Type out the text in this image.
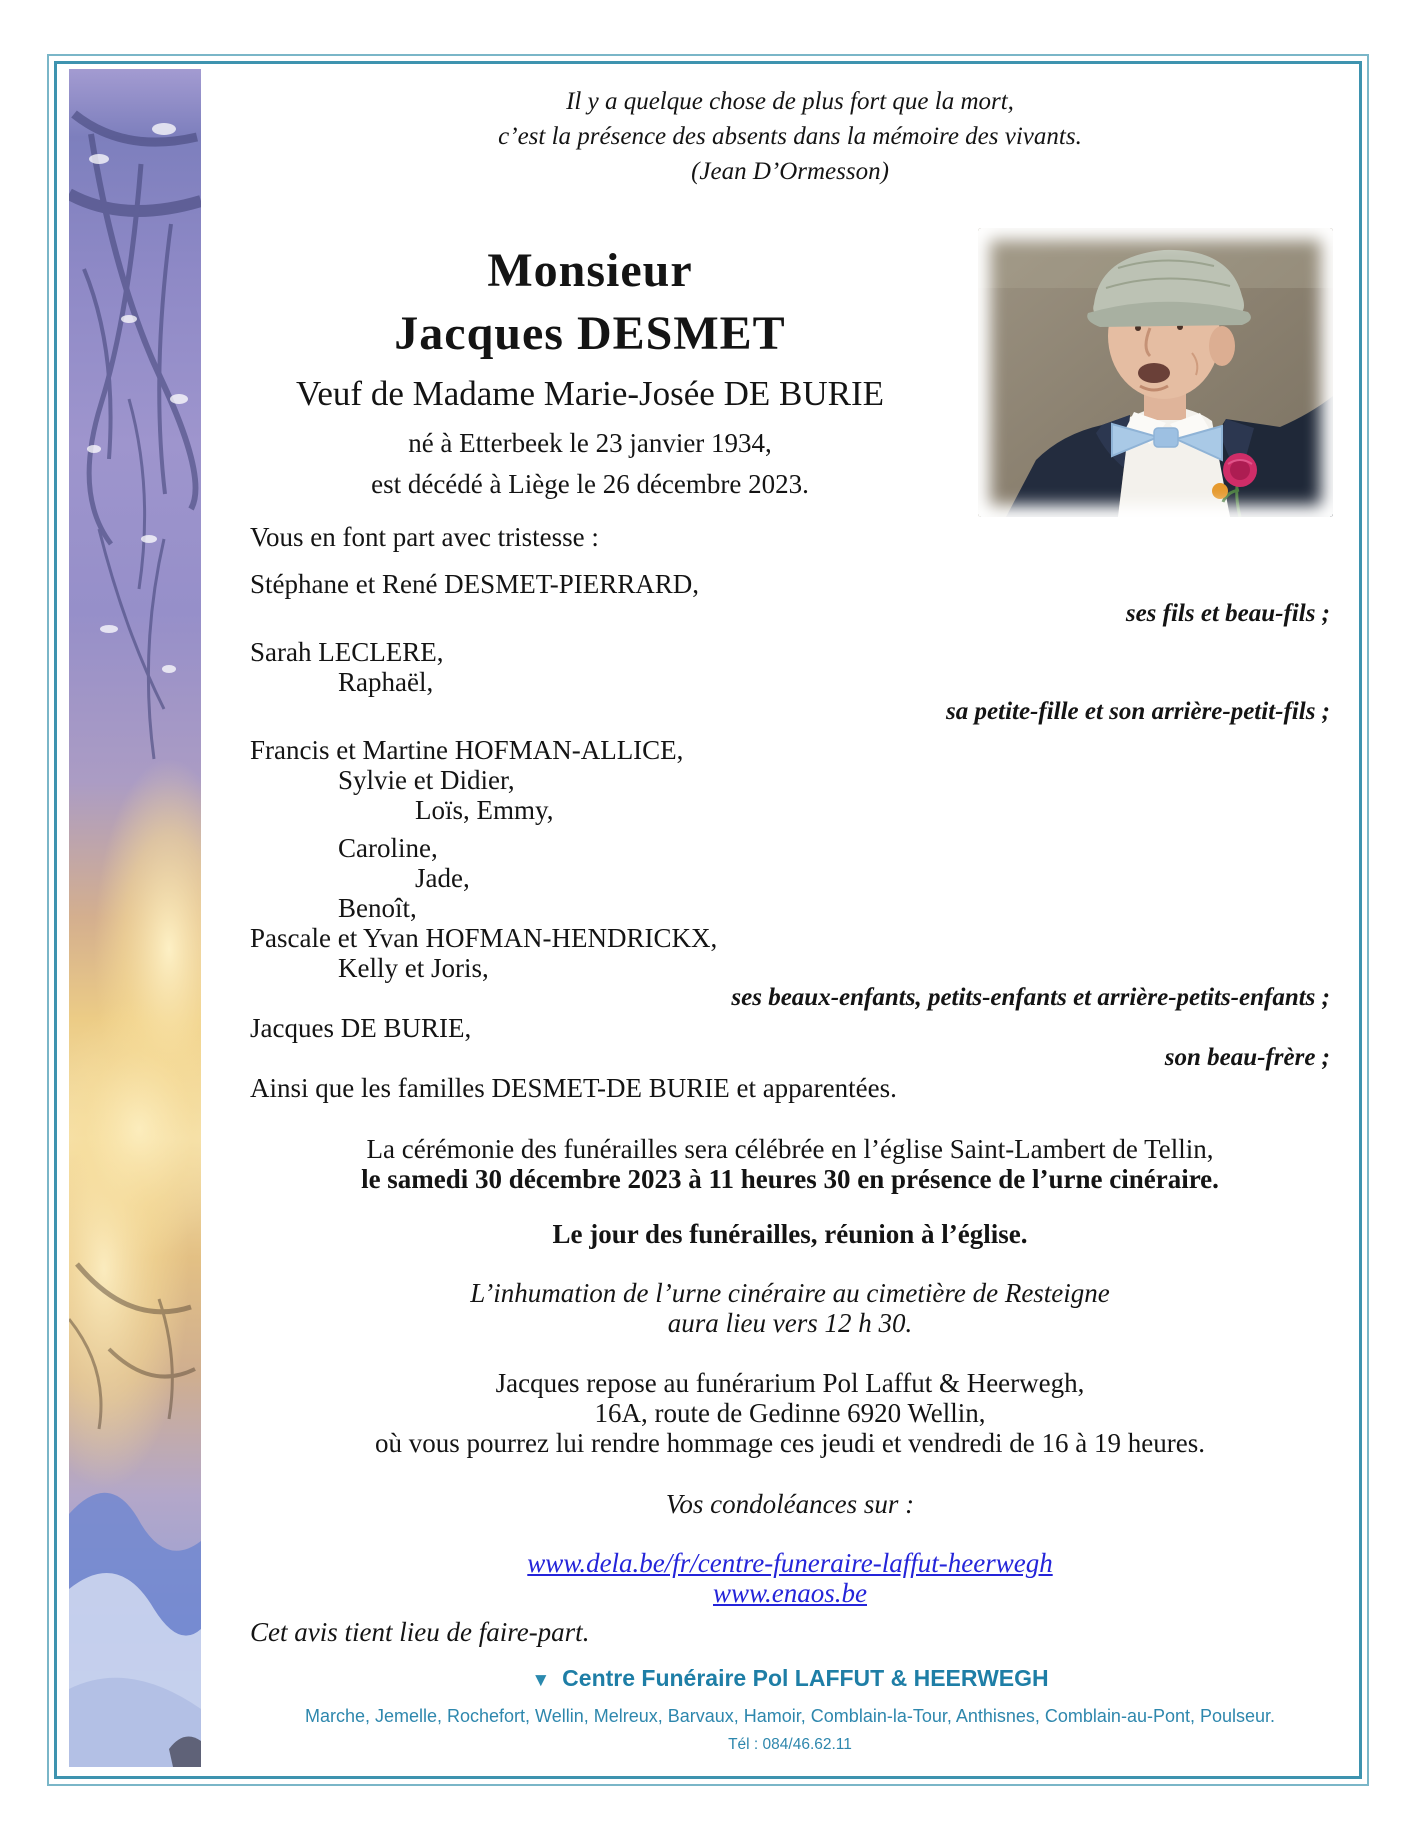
Il y a quelque chose de plus fort que la mort,
c’est la présence des absents dans la mémoire des vivants.
(Jean D’Ormesson)
Monsieur
Jacques DESMET
Veuf de Madame Marie-Josée DE BURIE
né à Etterbeek le 23 janvier 1934,
est décédé à Liège le 26 décembre 2023.
Vous en font part avec tristesse :
Stéphane et René DESMET-PIERRARD,
ses fils et beau-fils ;
Sarah LECLERE,
Raphaël,
sa petite-fille et son arrière-petit-fils ;
Francis et Martine HOFMAN-ALLICE,
Sylvie et Didier,
Loïs, Emmy,
Caroline,
Jade,
Benoît,
Pascale et Yvan HOFMAN-HENDRICKX,
Kelly et Joris,
ses beaux-enfants, petits-enfants et arrière-petits-enfants ;
Jacques DE BURIE,
son beau-frère ;
Ainsi que les familles DESMET-DE BURIE et apparentées.
La cérémonie des funérailles sera célébrée en l’église Saint-Lambert de Tellin,
le samedi 30 décembre 2023 à 11 heures 30 en présence de l’urne cinéraire.
Le jour des funérailles, réunion à l’église.
L’inhumation de l’urne cinéraire au cimetière de Resteigne
aura lieu vers 12 h 30.
Jacques repose au funérarium Pol Laffut & Heerwegh,
16A, route de Gedinne 6920 Wellin,
où vous pourrez lui rendre hommage ces jeudi et vendredi de 16 à 19 heures.
Vos condoléances sur :
www.dela.be/fr/centre-funeraire-laffut-heerwegh
www.enaos.be
Cet avis tient lieu de faire-part.
▼ Centre Funéraire Pol LAFFUT & HEERWEGH
Marche, Jemelle, Rochefort, Wellin, Melreux, Barvaux, Hamoir, Comblain-la-Tour, Anthisnes, Comblain-au-Pont, Poulseur.
Tél : 084/46.62.11
